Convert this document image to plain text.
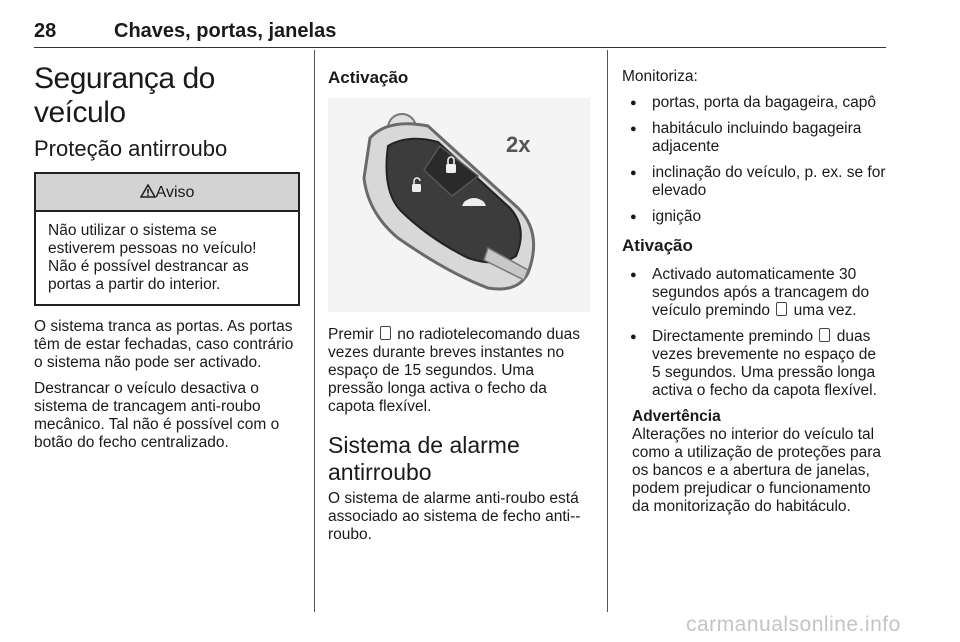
28	Chaves, portas, janelas
Segurança do veículo
Proteção antirroubo
Aviso
Não utilizar o sistema se estiverem pessoas no veículo! Não é possível destrancar as portas a partir do interior.

O sistema tranca as portas. As portas têm de estar fechadas, caso contrário o sistema não pode ser activado.

Destrancar o veículo desactiva o sistema de trancagem anti-roubo mecânico. Tal não é possível com o botão do fecho centralizado.

Activação
2x

Premir no radiotelecomando duas vezes durante breves instantes no espaço de 15 segundos. Uma pressão longa activa o fecho da capota flexível.

Sistema de alarme antirroubo

O sistema de alarme anti-roubo está associado ao sistema de fecho anti--roubo.

Monitoriza:

● portas, porta da bagageira, capô
● habitáculo incluindo bagageira adjacente
● inclinação do veículo, p. ex. se for elevado
● ignição
Ativação
● Activado automaticamente 30 segundos após a trancagem do veículo premindo uma vez.
● Directamente premindo duas vezes brevemente no espaço de 5 segundos. Uma pressão longa activa o fecho da capota flexível.
Advertência

Alterações no interior do veículo tal como a utilização de proteções para os bancos e a abertura de janelas, podem prejudicar o funcionamento da monitorização do habitáculo.

carmanualsonline.info
